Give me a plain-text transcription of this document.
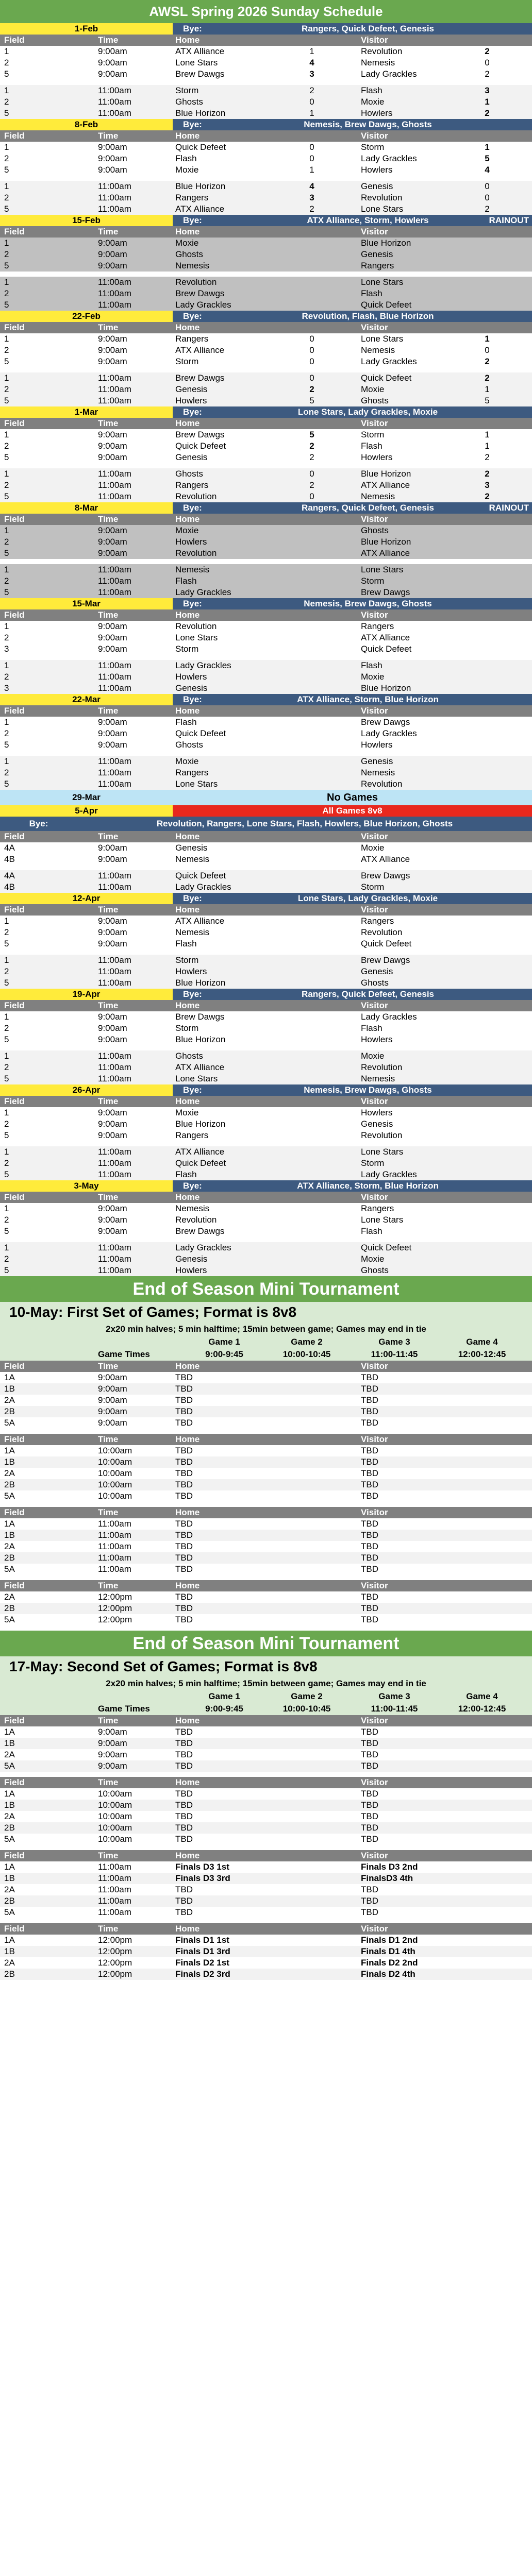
AWSL Spring 2026 Sunday Schedule
1-Feb	Bye:	Rangers, Quick Defeet, Genesis
Field	Time	Home	Visitor
1	9:00am	ATX Alliance	1	Revolution	2
2	9:00am	Lone Stars	4	Nemesis	0
5	9:00am	Brew Dawgs	3	Lady Grackles	2
1	11:00am	Storm	2	Flash	3
2	11:00am	Ghosts	0	Moxie	1
5	11:00am	Blue Horizon	1	Howlers	2
8-Feb	Bye:	Nemesis, Brew Dawgs, Ghosts
Field	Time	Home	Visitor
1	9:00am	Quick Defeet	0	Storm	1
2	9:00am	Flash	0	Lady Grackles	5
5	9:00am	Moxie	1	Howlers	4
1	11:00am	Blue Horizon	4	Genesis	0
2	11:00am	Rangers	3	Revolution	0
5	11:00am	ATX Alliance	2	Lone Stars	2
15-Feb	Bye:	ATX Alliance, Storm, Howlers	RAINOUT
Field	Time	Home	Visitor
1	9:00am	Moxie	Blue Horizon
2	9:00am	Ghosts	Genesis
5	9:00am	Nemesis	Rangers
1	11:00am	Revolution	Lone Stars
2	11:00am	Brew Dawgs	Flash
5	11:00am	Lady Grackles	Quick Defeet
22-Feb	Bye:	Revolution, Flash, Blue Horizon
Field	Time	Home	Visitor
1	9:00am	Rangers	0	Lone Stars	1
2	9:00am	ATX Alliance	0	Nemesis	0
5	9:00am	Storm	0	Lady Grackles	2
1	11:00am	Brew Dawgs	0	Quick Defeet	2
2	11:00am	Genesis	2	Moxie	1
5	11:00am	Howlers	5	Ghosts	5
1-Mar	Bye:	Lone Stars, Lady Grackles, Moxie
Field	Time	Home	Visitor
1	9:00am	Brew Dawgs	5	Storm	1
2	9:00am	Quick Defeet	2	Flash	1
5	9:00am	Genesis	2	Howlers	2
1	11:00am	Ghosts	0	Blue Horizon	2
2	11:00am	Rangers	2	ATX Alliance	3
5	11:00am	Revolution	0	Nemesis	2
8-Mar	Bye:	Rangers, Quick Defeet, Genesis	RAINOUT
Field	Time	Home	Visitor
1	9:00am	Moxie	Ghosts
2	9:00am	Howlers	Blue Horizon
5	9:00am	Revolution	ATX Alliance
1	11:00am	Nemesis	Lone Stars
2	11:00am	Flash	Storm
5	11:00am	Lady Grackles	Brew Dawgs
15-Mar	Bye:	Nemesis, Brew Dawgs, Ghosts
Field	Time	Home	Visitor
1	9:00am	Revolution	Rangers
2	9:00am	Lone Stars	ATX Alliance
3	9:00am	Storm	Quick Defeet
1	11:00am	Lady Grackles	Flash
2	11:00am	Howlers	Moxie
3	11:00am	Genesis	Blue Horizon
22-Mar	Bye:	ATX Alliance, Storm, Blue Horizon
Field	Time	Home	Visitor
1	9:00am	Flash	Brew Dawgs
2	9:00am	Quick Defeet	Lady Grackles
5	9:00am	Ghosts	Howlers
1	11:00am	Moxie	Genesis
2	11:00am	Rangers	Nemesis
5	11:00am	Lone Stars	Revolution
29-Mar	No Games
5-Apr	All Games 8v8
Bye:	Revolution, Rangers, Lone Stars, Flash, Howlers, Blue Horizon, Ghosts
Field	Time	Home	Visitor
4A	9:00am	Genesis	Moxie
4B	9:00am	Nemesis	ATX Alliance
4A	11:00am	Quick Defeet	Brew Dawgs
4B	11:00am	Lady Grackles	Storm
12-Apr	Bye:	Lone Stars, Lady Grackles, Moxie
Field	Time	Home	Visitor
1	9:00am	ATX Alliance	Rangers
2	9:00am	Nemesis	Revolution
5	9:00am	Flash	Quick Defeet
1	11:00am	Storm	Brew Dawgs
2	11:00am	Howlers	Genesis
5	11:00am	Blue Horizon	Ghosts
19-Apr	Bye:	Rangers, Quick Defeet, Genesis
Field	Time	Home	Visitor
1	9:00am	Brew Dawgs	Lady Grackles
2	9:00am	Storm	Flash
5	9:00am	Blue Horizon	Howlers
1	11:00am	Ghosts	Moxie
2	11:00am	ATX Alliance	Revolution
5	11:00am	Lone Stars	Nemesis
26-Apr	Bye:	Nemesis, Brew Dawgs, Ghosts
Field	Time	Home	Visitor
1	9:00am	Moxie	Howlers
2	9:00am	Blue Horizon	Genesis
5	9:00am	Rangers	Revolution
1	11:00am	ATX Alliance	Lone Stars
2	11:00am	Quick Defeet	Storm
5	11:00am	Flash	Lady Grackles
3-May	Bye:	ATX Alliance, Storm, Blue Horizon
Field	Time	Home	Visitor
1	9:00am	Nemesis	Rangers
2	9:00am	Revolution	Lone Stars
5	9:00am	Brew Dawgs	Flash
1	11:00am	Lady Grackles	Quick Defeet
2	11:00am	Genesis	Moxie
5	11:00am	Howlers	Ghosts
End of Season Mini Tournament
10-May: First Set of Games; Format is 8v8
2x20 min halves; 5 min halftime; 15min between game; Games may end in tie
Game 1	Game 2	Game 3	Game 4
Game Times	9:00-9:45	10:00-10:45	11:00-11:45	12:00-12:45
Field	Time	Home	Visitor
1A	9:00am	TBD	TBD
1B	9:00am	TBD	TBD
2A	9:00am	TBD	TBD
2B	9:00am	TBD	TBD
5A	9:00am	TBD	TBD
Field	Time	Home	Visitor
1A	10:00am	TBD	TBD
1B	10:00am	TBD	TBD
2A	10:00am	TBD	TBD
2B	10:00am	TBD	TBD
5A	10:00am	TBD	TBD
Field	Time	Home	Visitor
1A	11:00am	TBD	TBD
1B	11:00am	TBD	TBD
2A	11:00am	TBD	TBD
2B	11:00am	TBD	TBD
5A	11:00am	TBD	TBD
Field	Time	Home	Visitor
2A	12:00pm	TBD	TBD
2B	12:00pm	TBD	TBD
5A	12:00pm	TBD	TBD
End of Season Mini Tournament
17-May: Second Set of Games; Format is 8v8
2x20 min halves; 5 min halftime; 15min between game; Games may end in tie
Game 1	Game 2	Game 3	Game 4
Game Times	9:00-9:45	10:00-10:45	11:00-11:45	12:00-12:45
Field	Time	Home	Visitor
1A	9:00am	TBD	TBD
1B	9:00am	TBD	TBD
2A	9:00am	TBD	TBD
5A	9:00am	TBD	TBD
Field	Time	Home	Visitor
1A	10:00am	TBD	TBD
1B	10:00am	TBD	TBD
2A	10:00am	TBD	TBD
2B	10:00am	TBD	TBD
5A	10:00am	TBD	TBD
Field	Time	Home	Visitor
1A	11:00am	Finals D3 1st	Finals D3 2nd
1B	11:00am	Finals D3 3rd	FinalsD3 4th
2A	11:00am	TBD	TBD
2B	11:00am	TBD	TBD
5A	11:00am	TBD	TBD
Field	Time	Home	Visitor
1A	12:00pm	Finals D1 1st	Finals D1 2nd
1B	12:00pm	Finals D1 3rd	Finals D1 4th
2A	12:00pm	Finals D2 1st	Finals D2 2nd
2B	12:00pm	Finals D2 3rd	Finals D2 4th
